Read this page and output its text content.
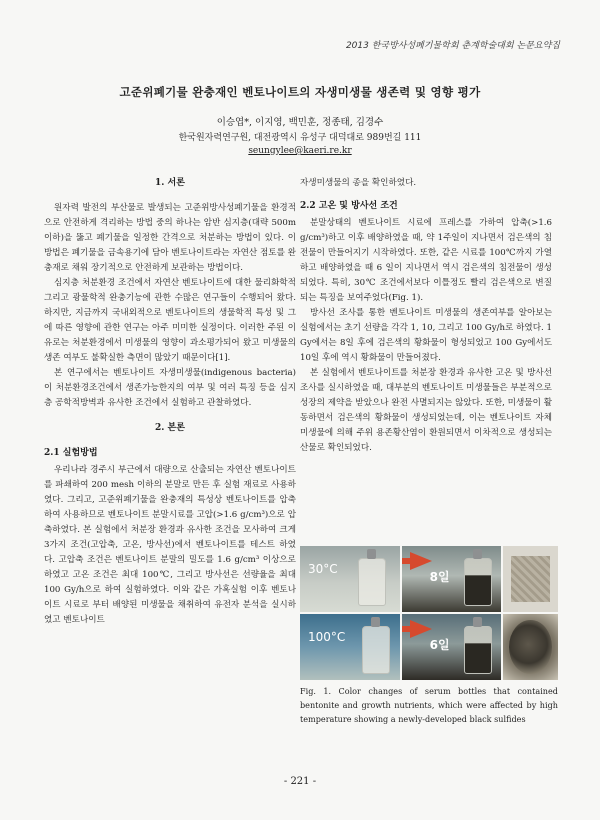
2013 한국방사성폐기물학회 춘계학술대회 논문요약집
고준위폐기물 완충재인 벤토나이트의 자생미생물 생존력 및 영향 평가
이승엽*, 이지영, 백민훈, 정종태, 김경수
한국원자력연구원, 대전광역시 유성구 대덕대로 989번길 111
seungylee@kaeri.re.kr
1. 서론

원자력 발전의 부산물로 발생되는 고준위방사성폐기물을 환경적으로 안전하게 격리하는 방법 중의 하나는 암반 심지층(대략 500m 이하)을 뚫고 폐기물을 일정한 간격으로 처분하는 방법이 있다. 이 방법은 폐기물을 금속용기에 담아 벤토나이트라는 자연산 점토를 완충재로 채워 장기적으로 안전하게 보관하는 방법이다.

심지층 처분환경 조건에서 자연산 벤토나이트에 대한 물리화학적 그리고 광물학적 완충기능에 관한 수많은 연구들이 수행되어 왔다. 하지만, 지금까지 국내외적으로 벤토나이트의 생물학적 특성 및 그에 따른 영향에 관한 연구는 아주 미미한 실정이다. 이러한 주된 이유로는 처분환경에서 미생물의 영향이 과소평가되어 왔고 미생물의 생존 여부도 불확실한 측면이 많았기 때문이다[1].

본 연구에서는 벤토나이트 자생미생물(indigenous bacteria)이 처분환경조건에서 생존가능한지의 여부 및 여러 특징 등을 심지층 공학적방벽과 유사한 조건에서 실험하고 관찰하였다.

2. 본론
2.1 실험방법

우리나라 경주시 부근에서 대량으로 산출되는 자연산 벤토나이트를 파쇄하여 200 mesh 이하의 분말로 만든 후 실험 재료로 사용하였다. 그리고, 고준위폐기물을 완충재의 특성상 벤토나이트를 압축하여 사용하므로 벤토나이트 분말시료를 고압(>1.6 g/cm³)으로 압축하였다. 본 실험에서 처분장 환경과 유사한 조건을 모사하여 크게 3가지 조건(고압축, 고온, 방사선)에서 벤토나이트를 테스트 하였다. 고압축 조건은 벤토나이트 분말의 밀도를 1.6 g/cm³ 이상으로 하였고 고온 조건은 최대 100℃, 그리고 방사선은 선량율을 최대 100 Gy/h으로 하여 실험하였다. 이와 같은 가혹실험 이후 벤토나이트 시료로 부터 배양된 미생물을 채취하여 유전자 분석을 실시하였고 벤토나이트

자생미생물의 종을 확인하였다.

2.2 고온 및 방사선 조건

분말상태의 벤토나이트 시료에 프레스를 가하여 압축(>1.6 g/cm³)하고 이후 배양하였을 때, 약 1주일이 지나면서 검은색의 침전물이 만들어지기 시작하였다. 또한, 같은 시료를 100℃까지 가열하고 배양하였을 때 6 일이 지나면서 역시 검은색의 침전물이 생성되었다. 특히, 30℃ 조건에서보다 이틀정도 빨리 검은색으로 변질되는 특징을 보여주었다(Fig. 1).

방사선 조사를 통한 벤토나이트 미생물의 생존여부를 알아보는 실험에서는 초기 선량을 각각 1, 10, 그리고 100 Gy/h로 하였다. 1 Gy에서는 8일 후에 검은색의 황화물이 형성되었고 100 Gy에서도 10일 후에 역시 황화물이 만들어졌다.

본 실험에서 벤토나이트를 처분장 환경과 유사한 고온 및 방사선 조사를 실시하였을 때, 대부분의 벤토나이트 미생물들은 부분적으로 성장의 제약을 받았으나 완전 사멸되지는 않았다. 또한, 미생물이 활동하면서 검은색의 황화물이 생성되었는데, 이는 벤토나이트 자체 미생물에 의해 주위 용존황산염이 환원되면서 이차적으로 생성되는 산물로 확인되었다.

30°C
8일
100°C
6일
Fig. 1. Color changes of serum bottles that contained bentonite and growth nutrients, which were affected by high temperature showing a newly-developed black sulfides
- 221 -
